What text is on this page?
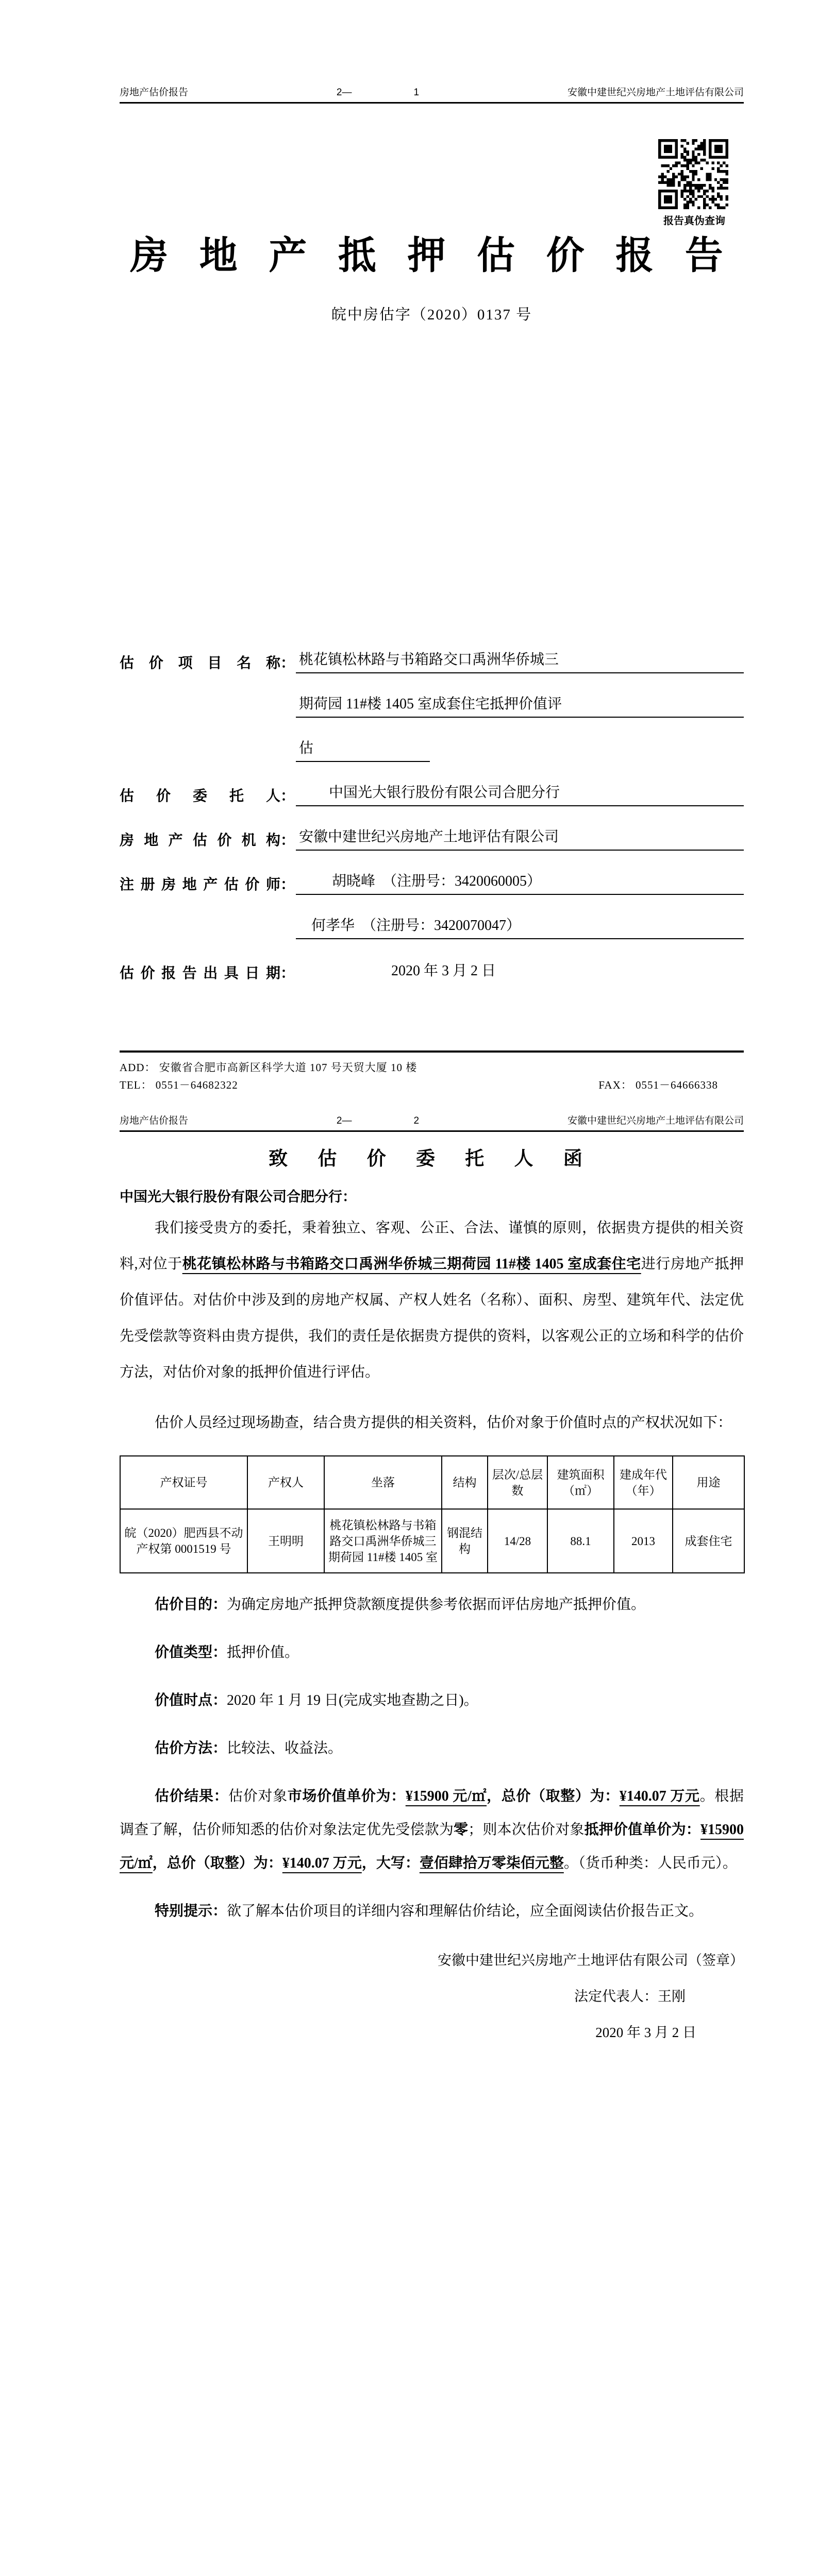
房地产估价报告	2—	1	安徽中建世纪兴房地产土地评估有限公司
报告真伪查询
房 地 产 抵 押 估 价 报 告
皖中房估字（2020）0137 号
估 价 项 目 名 称 ： 桃花镇松林路与书箱路交口禹洲华侨城三
期荷园 11#楼 1405 室成套住宅抵押价值评
估
估 价 委 托 人 ：	中国光大银行股份有限公司合肥分行
房地产估价机构 ： 安徽中建世纪兴房地产土地评估有限公司
注册房地产估价师 ：	胡晓峰　（注册号：3420060005）
何孝华　（注册号：3420070047）
估价报告出具日期 ：	2020 年 3 月 2 日
ADD： 安徽省合肥市高新区科学大道 107 号天贸大厦 10 楼
TEL： 0551－64682322	FAX： 0551－64666338
房地产估价报告	2—	2	安徽中建世纪兴房地产土地评估有限公司
致 估 价 委 托 人 函
中国光大银行股份有限公司合肥分行：

我们接受贵方的委托，秉着独立、客观、公正、合法、谨慎的原则，依据贵方提供的相关资料,对位于桃花镇松林路与书箱路交口禹洲华侨城三期荷园 11#楼 1405 室成套住宅进行房地产抵押价值评估。对估价中涉及到的房地产权属、产权人姓名（名称）、面积、房型、建筑年代、法定优先受偿款等资料由贵方提供，我们的责任是依据贵方提供的资料，以客观公正的立场和科学的估价方法，对估价对象的抵押价值进行评估。

估价人员经过现场勘查，结合贵方提供的相关资料，估价对象于价值时点的产权状况如下：

产权证号	产权人	坐落	结构	层次/总层数	建筑面积（㎡）	建成年代（年）	用途
皖（2020）肥西县不动产权第 0001519 号	王明明	桃花镇松林路与书箱路交口禹洲华侨城三期荷园 11#楼 1405 室	钢混结构	14/28	88.1	2013	成套住宅

估价目的：为确定房地产抵押贷款额度提供参考依据而评估房地产抵押价值。

价值类型：抵押价值。

价值时点：2020 年 1 月 19 日(完成实地查勘之日)。

估价方法：比较法、收益法。

估价结果：估价对象市场价值单价为：¥15900 元/㎡，总价（取整）为：¥140.07 万元。根据调查了解，估价师知悉的估价对象法定优先受偿款为零；则本次估价对象抵押价值单价为：¥15900 元/㎡，总价（取整）为：¥140.07 万元，大写：壹佰肆拾万零柒佰元整。（货币种类：人民币元）。

特别提示：欲了解本估价项目的详细内容和理解估价结论，应全面阅读估价报告正文。

安徽中建世纪兴房地产土地评估有限公司（签章）
法定代表人：王刚
2020 年 3 月 2 日
